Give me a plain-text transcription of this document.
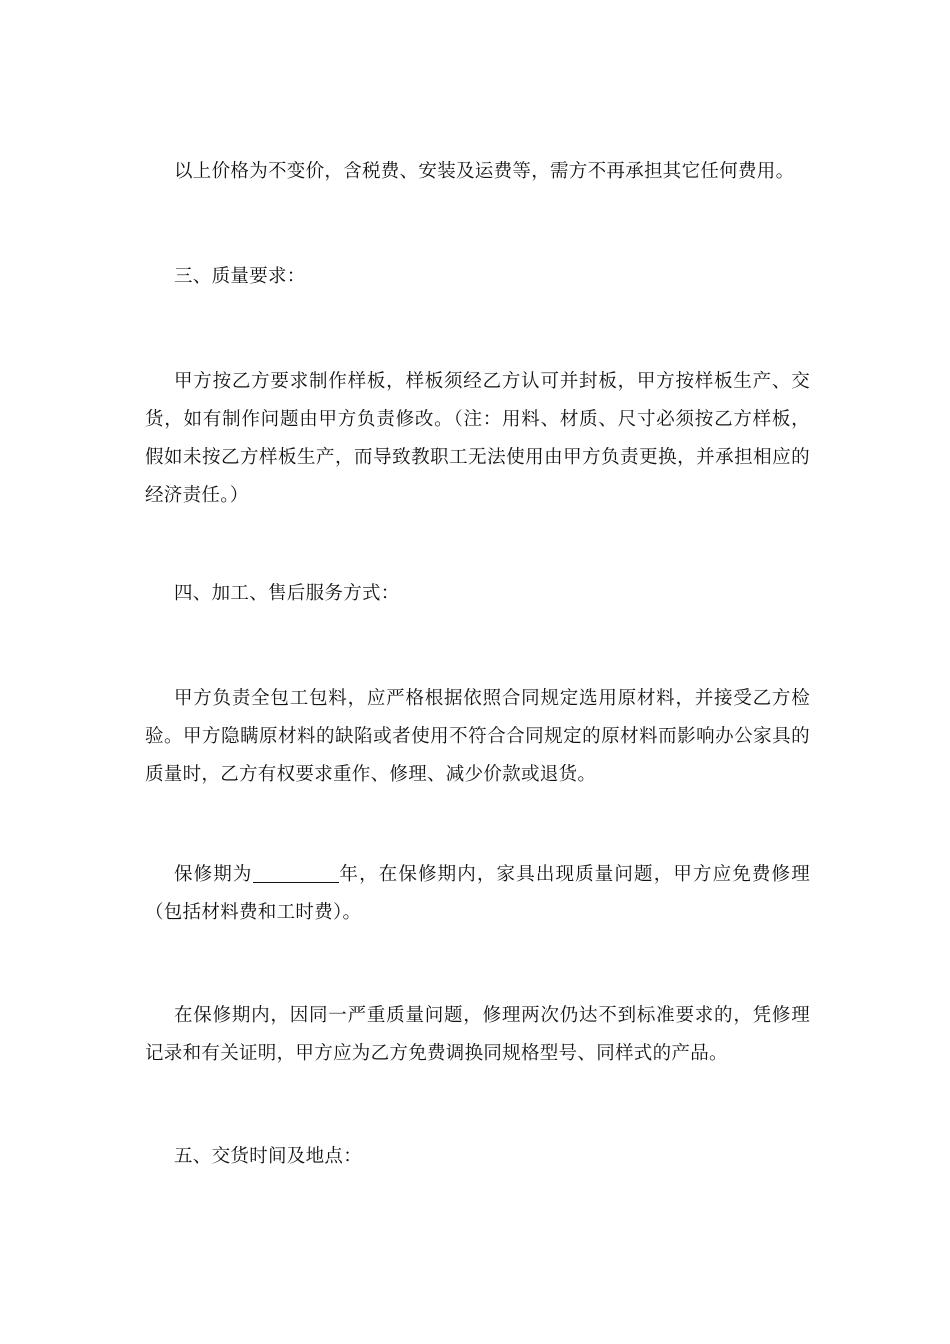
以上价格为不变价，含税费、安装及运费等，需方不再承担其它任何费用。

三、质量要求：

甲方按乙方要求制作样板，样板须经乙方认可并封板，甲方按样板生产、交货，如有制作问题由甲方负责修改。（注：用料、材质、尺寸必须按乙方样板，假如未按乙方样板生产，而导致教职工无法使用由甲方负责更换，并承担相应的经济责任。）

四、加工、售后服务方式：

甲方负责全包工包料，应严格根据依照合同规定选用原材料，并接受乙方检验。甲方隐瞒原材料的缺陷或者使用不符合合同规定的原材料而影响办公家具的质量时，乙方有权要求重作、修理、减少价款或退货。

保修期为	年，在保修期内，家具出现质量问题，甲方应免费修理（包括材料费和工时费）。

在保修期内，因同一严重质量问题，修理两次仍达不到标准要求的，凭修理记录和有关证明，甲方应为乙方免费调换同规格型号、同样式的产品。

五、交货时间及地点：
